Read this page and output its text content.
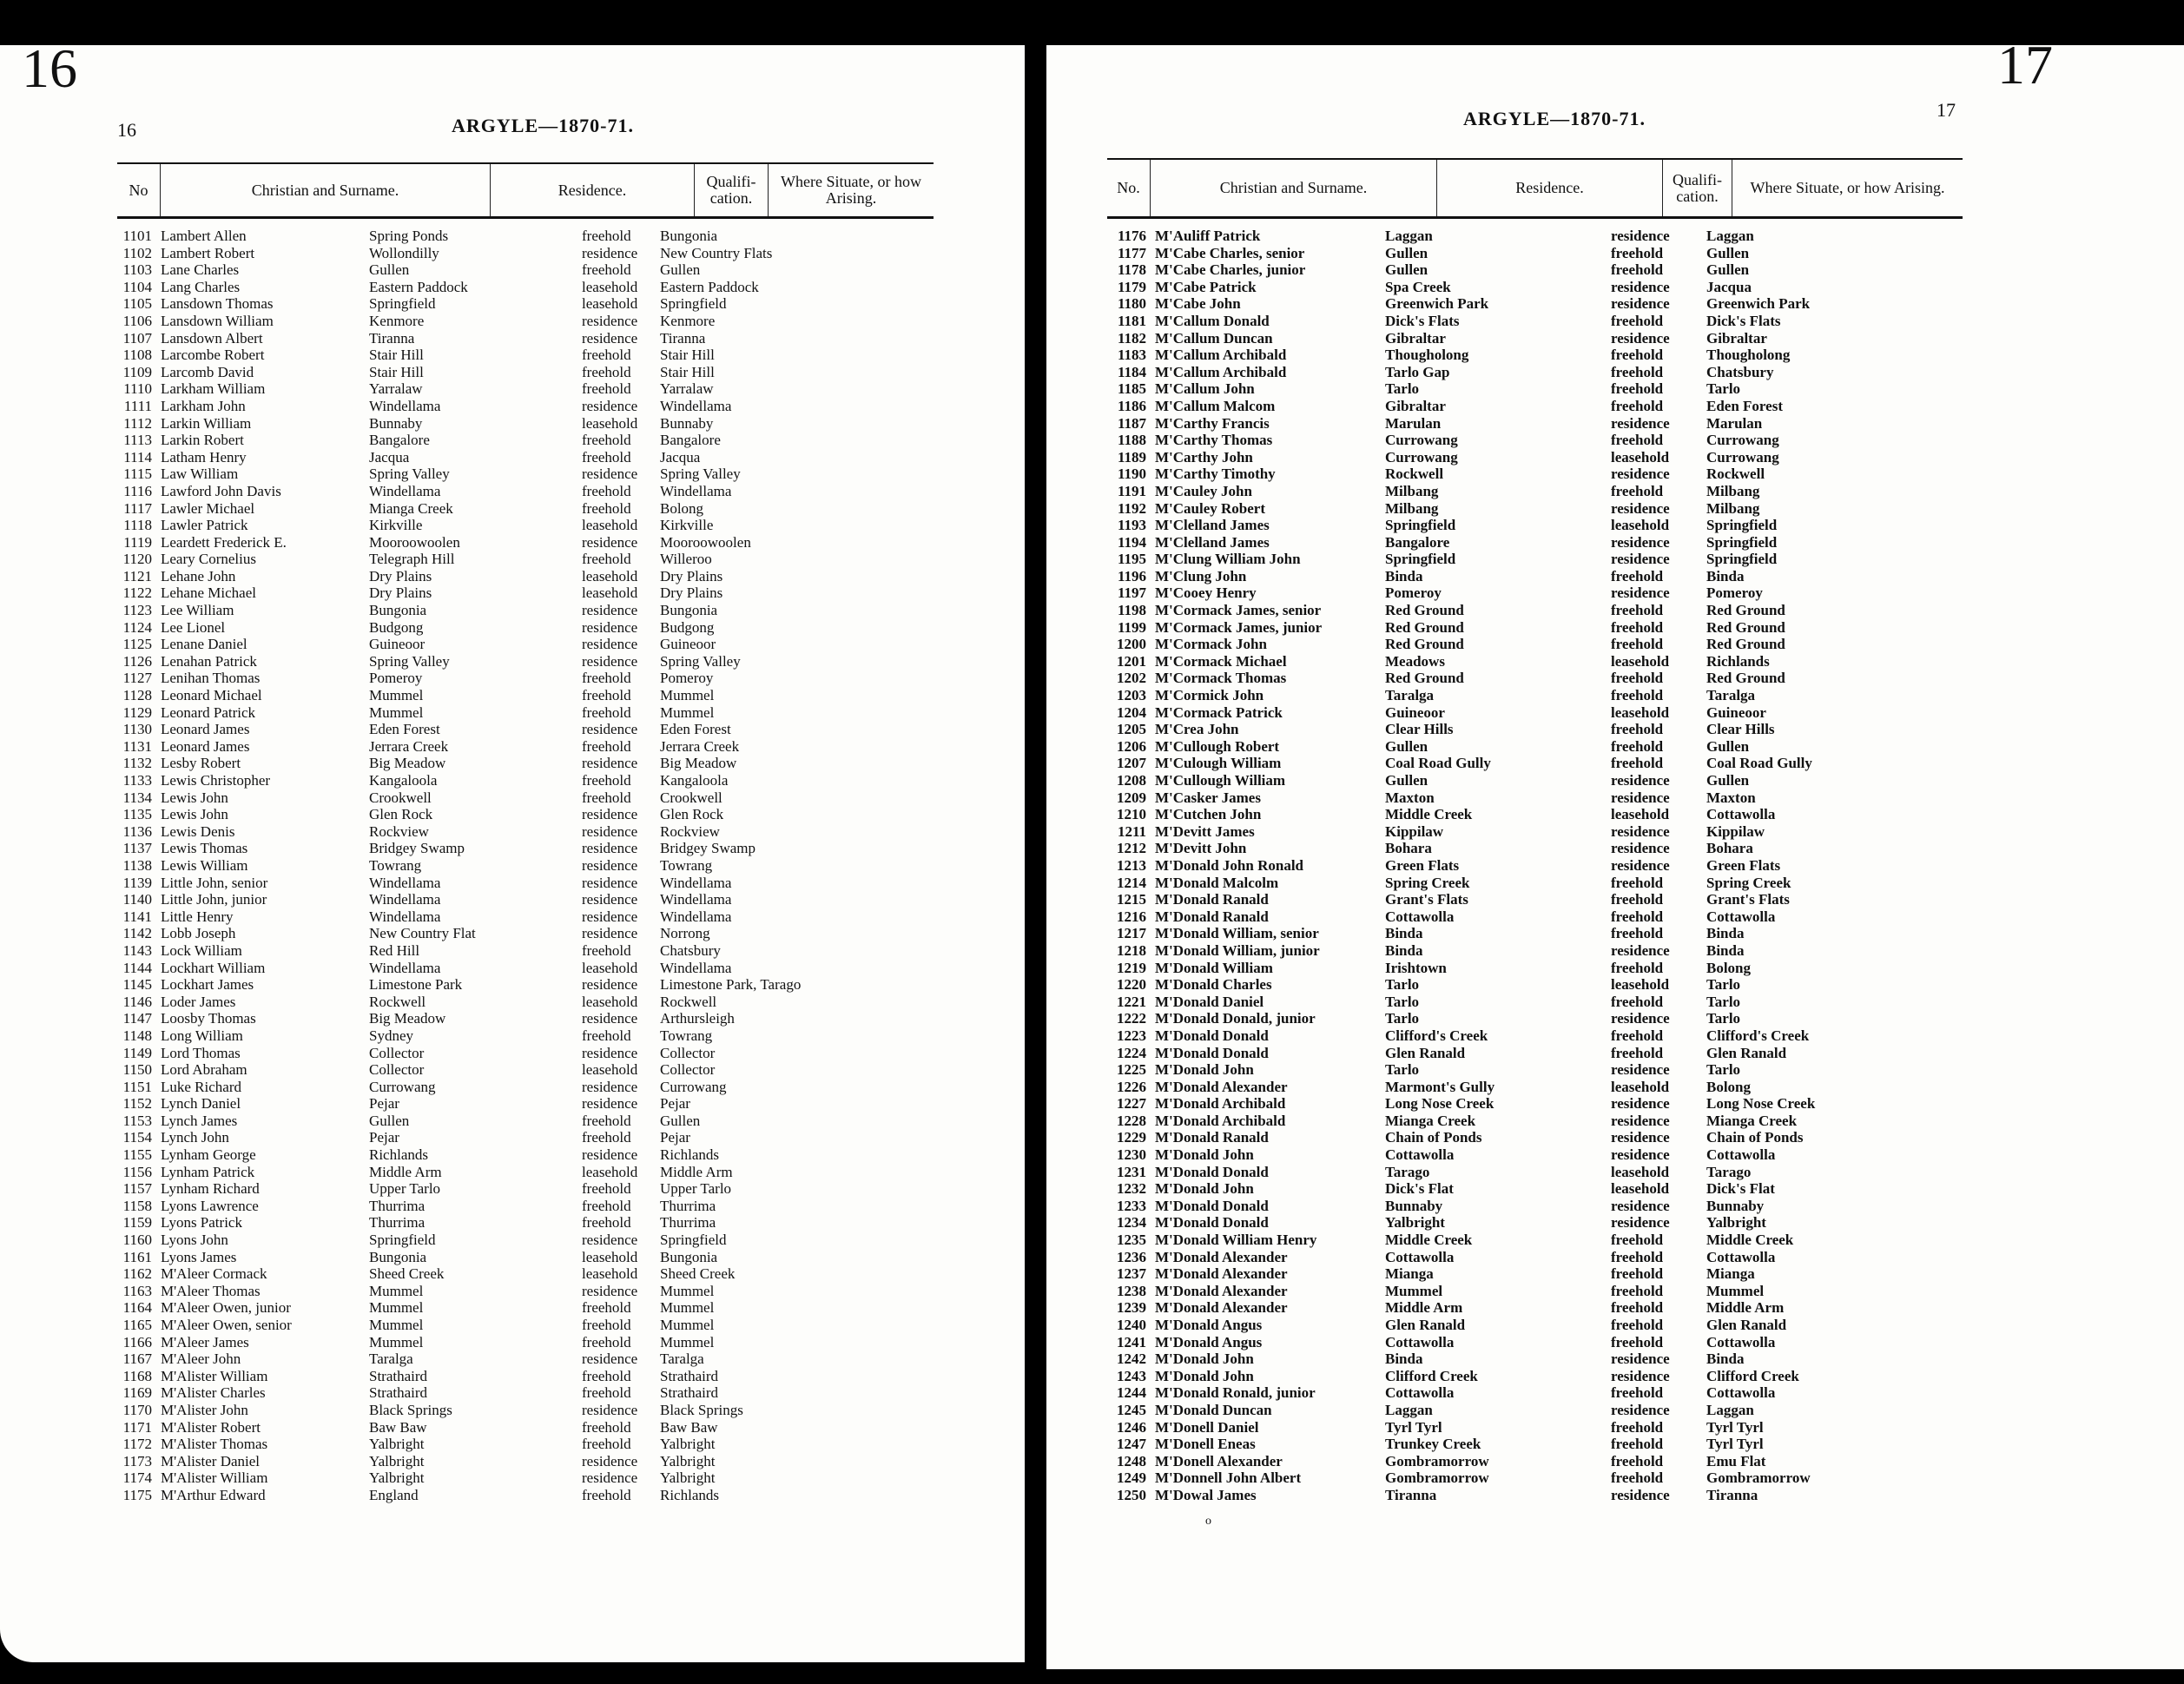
16
16	ARGYLE—1870-71.
No	Christian and Surname.	Residence.	Qualifi-cation.
Where Situate, or how Arising.
1101 Lambert Allen	Spring Ponds	freehold	Bungonia
1102 Lambert Robert	Wollondilly	residence	New Country Flats
1103 Lane Charles	Gullen	freehold	Gullen
1104 Lang Charles	Eastern Paddock	leasehold	Eastern Paddock
1105 Lansdown Thomas	Springfield	leasehold	Springfield
1106 Lansdown William	Kenmore	residence	Kenmore
1107 Lansdown Albert	Tiranna	residence	Tiranna
1108 Larcombe Robert	Stair Hill	freehold	Stair Hill
1109 Larcomb David	Stair Hill	freehold	Stair Hill
1110 Larkham William	Yarralaw	freehold	Yarralaw
1111 Larkham John	Windellama	residence	Windellama
1112 Larkin William	Bunnaby	leasehold	Bunnaby
1113 Larkin Robert	Bangalore	freehold	Bangalore
1114 Latham Henry	Jacqua	freehold	Jacqua
1115 Law William	Spring Valley	residence	Spring Valley
1116 Lawford John Davis	Windellama	freehold	Windellama
1117 Lawler Michael	Mianga Creek	freehold	Bolong
1118 Lawler Patrick	Kirkville	leasehold	Kirkville
1119 Leardett Frederick E.	Mooroowoolen	residence	Mooroowoolen
1120 Leary Cornelius	Telegraph Hill	freehold	Willeroo
1121 Lehane John	Dry Plains	leasehold	Dry Plains
1122 Lehane Michael	Dry Plains	leasehold	Dry Plains
1123 Lee William	Bungonia	residence	Bungonia
1124 Lee Lionel	Budgong	residence	Budgong
1125 Lenane Daniel	Guineoor	residence	Guineoor
1126 Lenahan Patrick	Spring Valley	residence	Spring Valley
1127 Lenihan Thomas	Pomeroy	freehold	Pomeroy
1128 Leonard Michael	Mummel	freehold	Mummel
1129 Leonard Patrick	Mummel	freehold	Mummel
1130 Leonard James	Eden Forest	residence	Eden Forest
1131 Leonard James	Jerrara Creek	freehold	Jerrara Creek
1132 Lesby Robert	Big Meadow	residence	Big Meadow
1133 Lewis Christopher	Kangaloola	freehold	Kangaloola
1134 Lewis John	Crookwell	freehold	Crookwell
1135 Lewis John	Glen Rock	residence	Glen Rock
1136 Lewis Denis	Rockview	residence	Rockview
1137 Lewis Thomas	Bridgey Swamp	residence	Bridgey Swamp
1138 Lewis William	Towrang	residence	Towrang
1139 Little John, senior	Windellama	residence	Windellama
1140 Little John, junior	Windellama	residence	Windellama
1141 Little Henry	Windellama	residence	Windellama
1142 Lobb Joseph	New Country Flat	residence	Norrong
1143 Lock William	Red Hill	freehold	Chatsbury
1144 Lockhart William	Windellama	leasehold	Windellama
1145 Lockhart James	Limestone Park	residence	Limestone Park, Tarago
1146 Loder James	Rockwell	leasehold	Rockwell
1147 Loosby Thomas	Big Meadow	residence	Arthursleigh
1148 Long William	Sydney	freehold	Towrang
1149 Lord Thomas	Collector	residence	Collector
1150 Lord Abraham	Collector	leasehold	Collector
1151 Luke Richard	Currowang	residence	Currowang
1152 Lynch Daniel	Pejar	residence	Pejar
1153 Lynch James	Gullen	freehold	Gullen
1154 Lynch John	Pejar	freehold	Pejar
1155 Lynham George	Richlands	residence	Richlands
1156 Lynham Patrick	Middle Arm	leasehold	Middle Arm
1157 Lynham Richard	Upper Tarlo	freehold	Upper Tarlo
1158 Lyons Lawrence	Thurrima	freehold	Thurrima
1159 Lyons Patrick	Thurrima	freehold	Thurrima
1160 Lyons John	Springfield	residence	Springfield
1161 Lyons James	Bungonia	leasehold	Bungonia
1162 M'Aleer Cormack	Sheed Creek	leasehold	Sheed Creek
1163 M'Aleer Thomas	Mummel	residence	Mummel
1164 M'Aleer Owen, junior	Mummel	freehold	Mummel
1165 M'Aleer Owen, senior	Mummel	freehold	Mummel
1166 M'Aleer James	Mummel	freehold	Mummel
1167 M'Aleer John	Taralga	residence	Taralga
1168 M'Alister William	Strathaird	freehold	Strathaird
1169 M'Alister Charles	Strathaird	freehold	Strathaird
1170 M'Alister John	Black Springs	residence	Black Springs
1171 M'Alister Robert	Baw Baw	freehold	Baw Baw
1172 M'Alister Thomas	Yalbright	freehold	Yalbright
1173 M'Alister Daniel	Yalbright	residence	Yalbright
1174 M'Alister William	Yalbright	residence	Yalbright
1175 M'Arthur Edward	England	freehold	Richlands
17
17
ARGYLE—1870-71.
No.	Christian and Surname.	Residence.	Qualifi-cation.	Where Situate, or how Arising.
1176 M'Auliff Patrick	Laggan	residence	Laggan
1177 M'Cabe Charles, senior	Gullen	freehold	Gullen
1178 M'Cabe Charles, junior	Gullen	freehold	Gullen
1179 M'Cabe Patrick	Spa Creek	residence	Jacqua
1180 M'Cabe John	Greenwich Park	residence	Greenwich Park
1181 M'Callum Donald	Dick's Flats	freehold	Dick's Flats
1182 M'Callum Duncan	Gibraltar	residence	Gibraltar
1183 M'Callum Archibald	Thougholong	freehold	Thougholong
1184 M'Callum Archibald	Tarlo Gap	freehold	Chatsbury
1185 M'Callum John	Tarlo	freehold	Tarlo
1186 M'Callum Malcom	Gibraltar	freehold	Eden Forest
1187 M'Carthy Francis	Marulan	residence	Marulan
1188 M'Carthy Thomas	Currowang	freehold	Currowang
1189 M'Carthy John	Currowang	leasehold	Currowang
1190 M'Carthy Timothy	Rockwell	residence	Rockwell
1191 M'Cauley John	Milbang	freehold	Milbang
1192 M'Cauley Robert	Milbang	residence	Milbang
1193 M'Clelland James	Springfield	leasehold	Springfield
1194 M'Clelland James	Bangalore	residence	Springfield
1195 M'Clung William John	Springfield	residence	Springfield
1196 M'Clung John	Binda	freehold	Binda
1197 M'Cooey Henry	Pomeroy	residence	Pomeroy
1198 M'Cormack James, senior	Red Ground	freehold	Red Ground
1199 M'Cormack James, junior	Red Ground	freehold	Red Ground
1200 M'Cormack John	Red Ground	freehold	Red Ground
1201 M'Cormack Michael	Meadows	leasehold	Richlands
1202 M'Cormack Thomas	Red Ground	freehold	Red Ground
1203 M'Cormick John	Taralga	freehold	Taralga
1204 M'Cormack Patrick	Guineoor	leasehold	Guineoor
1205 M'Crea John	Clear Hills	freehold	Clear Hills
1206 M'Cullough Robert	Gullen	freehold	Gullen
1207 M'Culough William	Coal Road Gully	freehold	Coal Road Gully
1208 M'Cullough William	Gullen	residence	Gullen
1209 M'Casker James	Maxton	residence	Maxton
1210 M'Cutchen John	Middle Creek	leasehold	Cottawolla
1211 M'Devitt James	Kippilaw	residence	Kippilaw
1212 M'Devitt John	Bohara	residence	Bohara
1213 M'Donald John Ronald	Green Flats	residence	Green Flats
1214 M'Donald Malcolm	Spring Creek	freehold	Spring Creek
1215 M'Donald Ranald	Grant's Flats	freehold	Grant's Flats
1216 M'Donald Ranald	Cottawolla	freehold	Cottawolla
1217 M'Donald William, senior	Binda	freehold	Binda
1218 M'Donald William, junior	Binda	residence	Binda
1219 M'Donald William	Irishtown	freehold	Bolong
1220 M'Donald Charles	Tarlo	leasehold	Tarlo
1221 M'Donald Daniel	Tarlo	freehold	Tarlo
1222 M'Donald Donald, junior	Tarlo	residence	Tarlo
1223 M'Donald Donald	Clifford's Creek	freehold	Clifford's Creek
1224 M'Donald Donald	Glen Ranald	freehold	Glen Ranald
1225 M'Donald John	Tarlo	residence	Tarlo
1226 M'Donald Alexander	Marmont's Gully	leasehold	Bolong
1227 M'Donald Archibald	Long Nose Creek	residence	Long Nose Creek
1228 M'Donald Archibald	Mianga Creek	residence	Mianga Creek
1229 M'Donald Ranald	Chain of Ponds	residence	Chain of Ponds
1230 M'Donald John	Cottawolla	residence	Cottawolla
1231 M'Donald Donald	Tarago	leasehold	Tarago
1232 M'Donald John	Dick's Flat	leasehold	Dick's Flat
1233 M'Donald Donald	Bunnaby	residence	Bunnaby
1234 M'Donald Donald	Yalbright	residence	Yalbright
1235 M'Donald William Henry	Middle Creek	freehold	Middle Creek
1236 M'Donald Alexander	Cottawolla	freehold	Cottawolla
1237 M'Donald Alexander	Mianga	freehold	Mianga
1238 M'Donald Alexander	Mummel	freehold	Mummel
1239 M'Donald Alexander	Middle Arm	freehold	Middle Arm
1240 M'Donald Angus	Glen Ranald	freehold	Glen Ranald
1241 M'Donald Angus	Cottawolla	freehold	Cottawolla
1242 M'Donald John	Binda	residence	Binda
1243 M'Donald John	Clifford Creek	residence	Clifford Creek
1244 M'Donald Ronald, junior	Cottawolla	freehold	Cottawolla
1245 M'Donald Duncan	Laggan	residence	Laggan
1246 M'Donell Daniel	Tyrl Tyrl	freehold	Tyrl Tyrl
1247 M'Donell Eneas	Trunkey Creek	freehold	Tyrl Tyrl
1248 M'Donell Alexander	Gombramorrow	freehold	Emu Flat
1249 M'Donnell John Albert	Gombramorrow	freehold	Gombramorrow
1250 M'Dowal James	Tiranna	residence	Tiranna
o
